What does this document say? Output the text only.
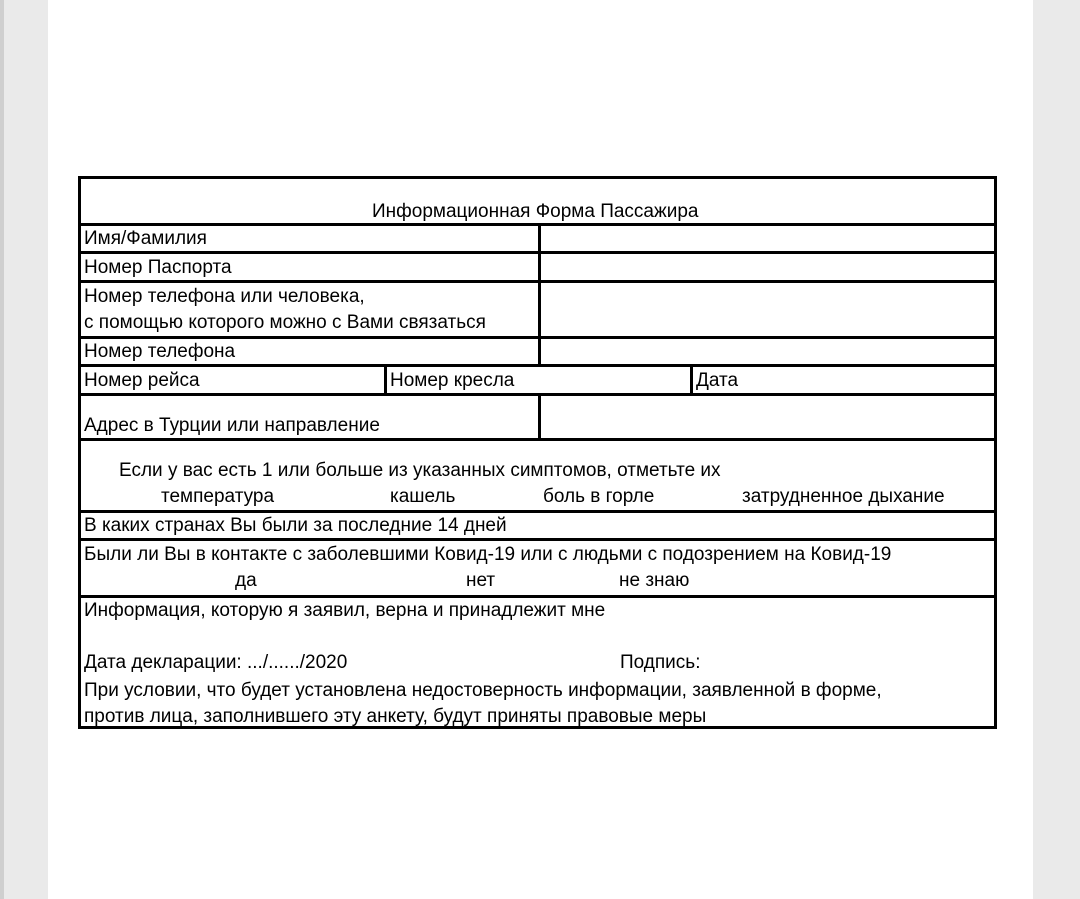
Информационная Форма Пассажира
Имя/Фамилия
Номер Паспорта
Номер телефона или человека,
с помощью которого можно с Вами связаться
Номер телефона
Номер рейса	Номер кресла	Дата
Адрес в Турции или направление
Если у вас есть 1 или больше из указанных симптомов, отметьте их
температура	кашель	боль в горле	затрудненное дыхание
В каких странах Вы были за последние 14 дней
Были ли Вы в контакте с заболевшими Ковид-19 или с людьми с подозрением на Ковид-19
да	нет	не знаю
Информация, которую я заявил, верна и принадлежит мне
Дата декларации: .../....../2020	Подпись:
При условии, что будет установлена недостоверность информации, заявленной в форме,
против лица, заполнившего эту анкету, будут приняты правовые меры
